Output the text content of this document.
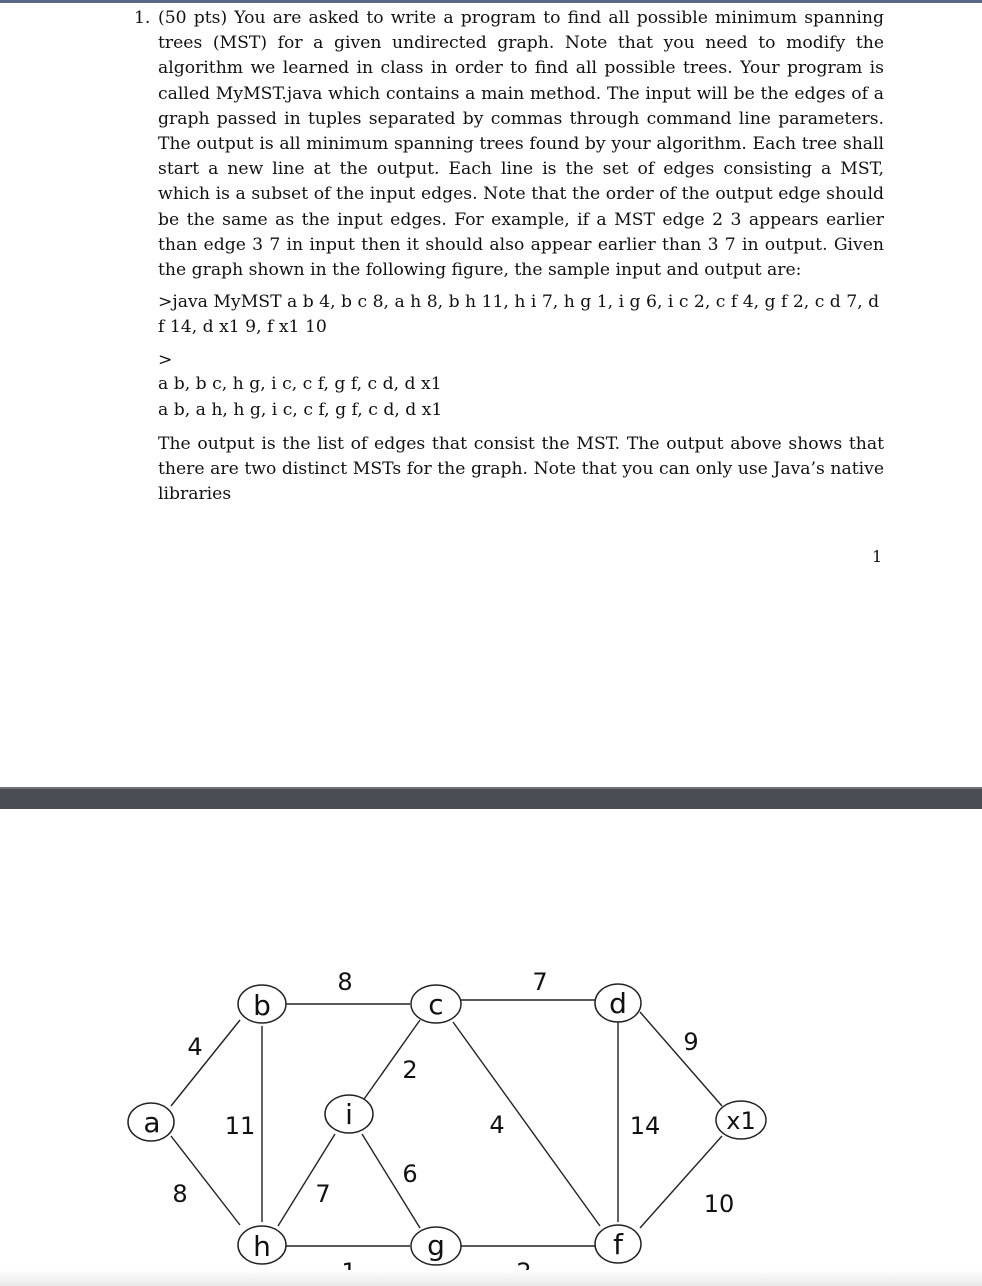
1. (50 pts) You are asked to write a program to find all possible minimum spanning trees (MST) for a given undirected graph. Note that you need to modify the algorithm we learned in class in order to find all possible trees. Your program is called MyMST.java which contains a main method. The input will be the edges of a graph passed in tuples separated by commas through command line parameters. The output is all minimum spanning trees found by your algorithm. Each tree shall start a new line at the output. Each line is the set of edges consisting a MST, which is a subset of the input edges. Note that the order of the output edge should be the same as the input edges. For example, if a MST edge 2 3 appears earlier than edge 3 7 in input then it should also appear earlier than 3 7 in output. Given the graph shown in the following figure, the sample input and output are:
>java MyMST a b 4, b c 8, a h 8, b h 11, h i 7, h g 1, i g 6, i c 2, c f 4, g f 2, c d 7, d f 14, d x1 9, f x1 10
>
a b, b c, h g, i c, c f, g f, c d, d x1
a b, a h, h g, i c, c f, g f, c d, d x1
The output is the list of edges that consist the MST. The output above shows that there are two distinct MSTs for the graph. Note that you can only use Java’s native libraries
1
a
b	c	d
i
h	g	f
x1
4
8
8
11
7
6
2
4
7
14
9
10
